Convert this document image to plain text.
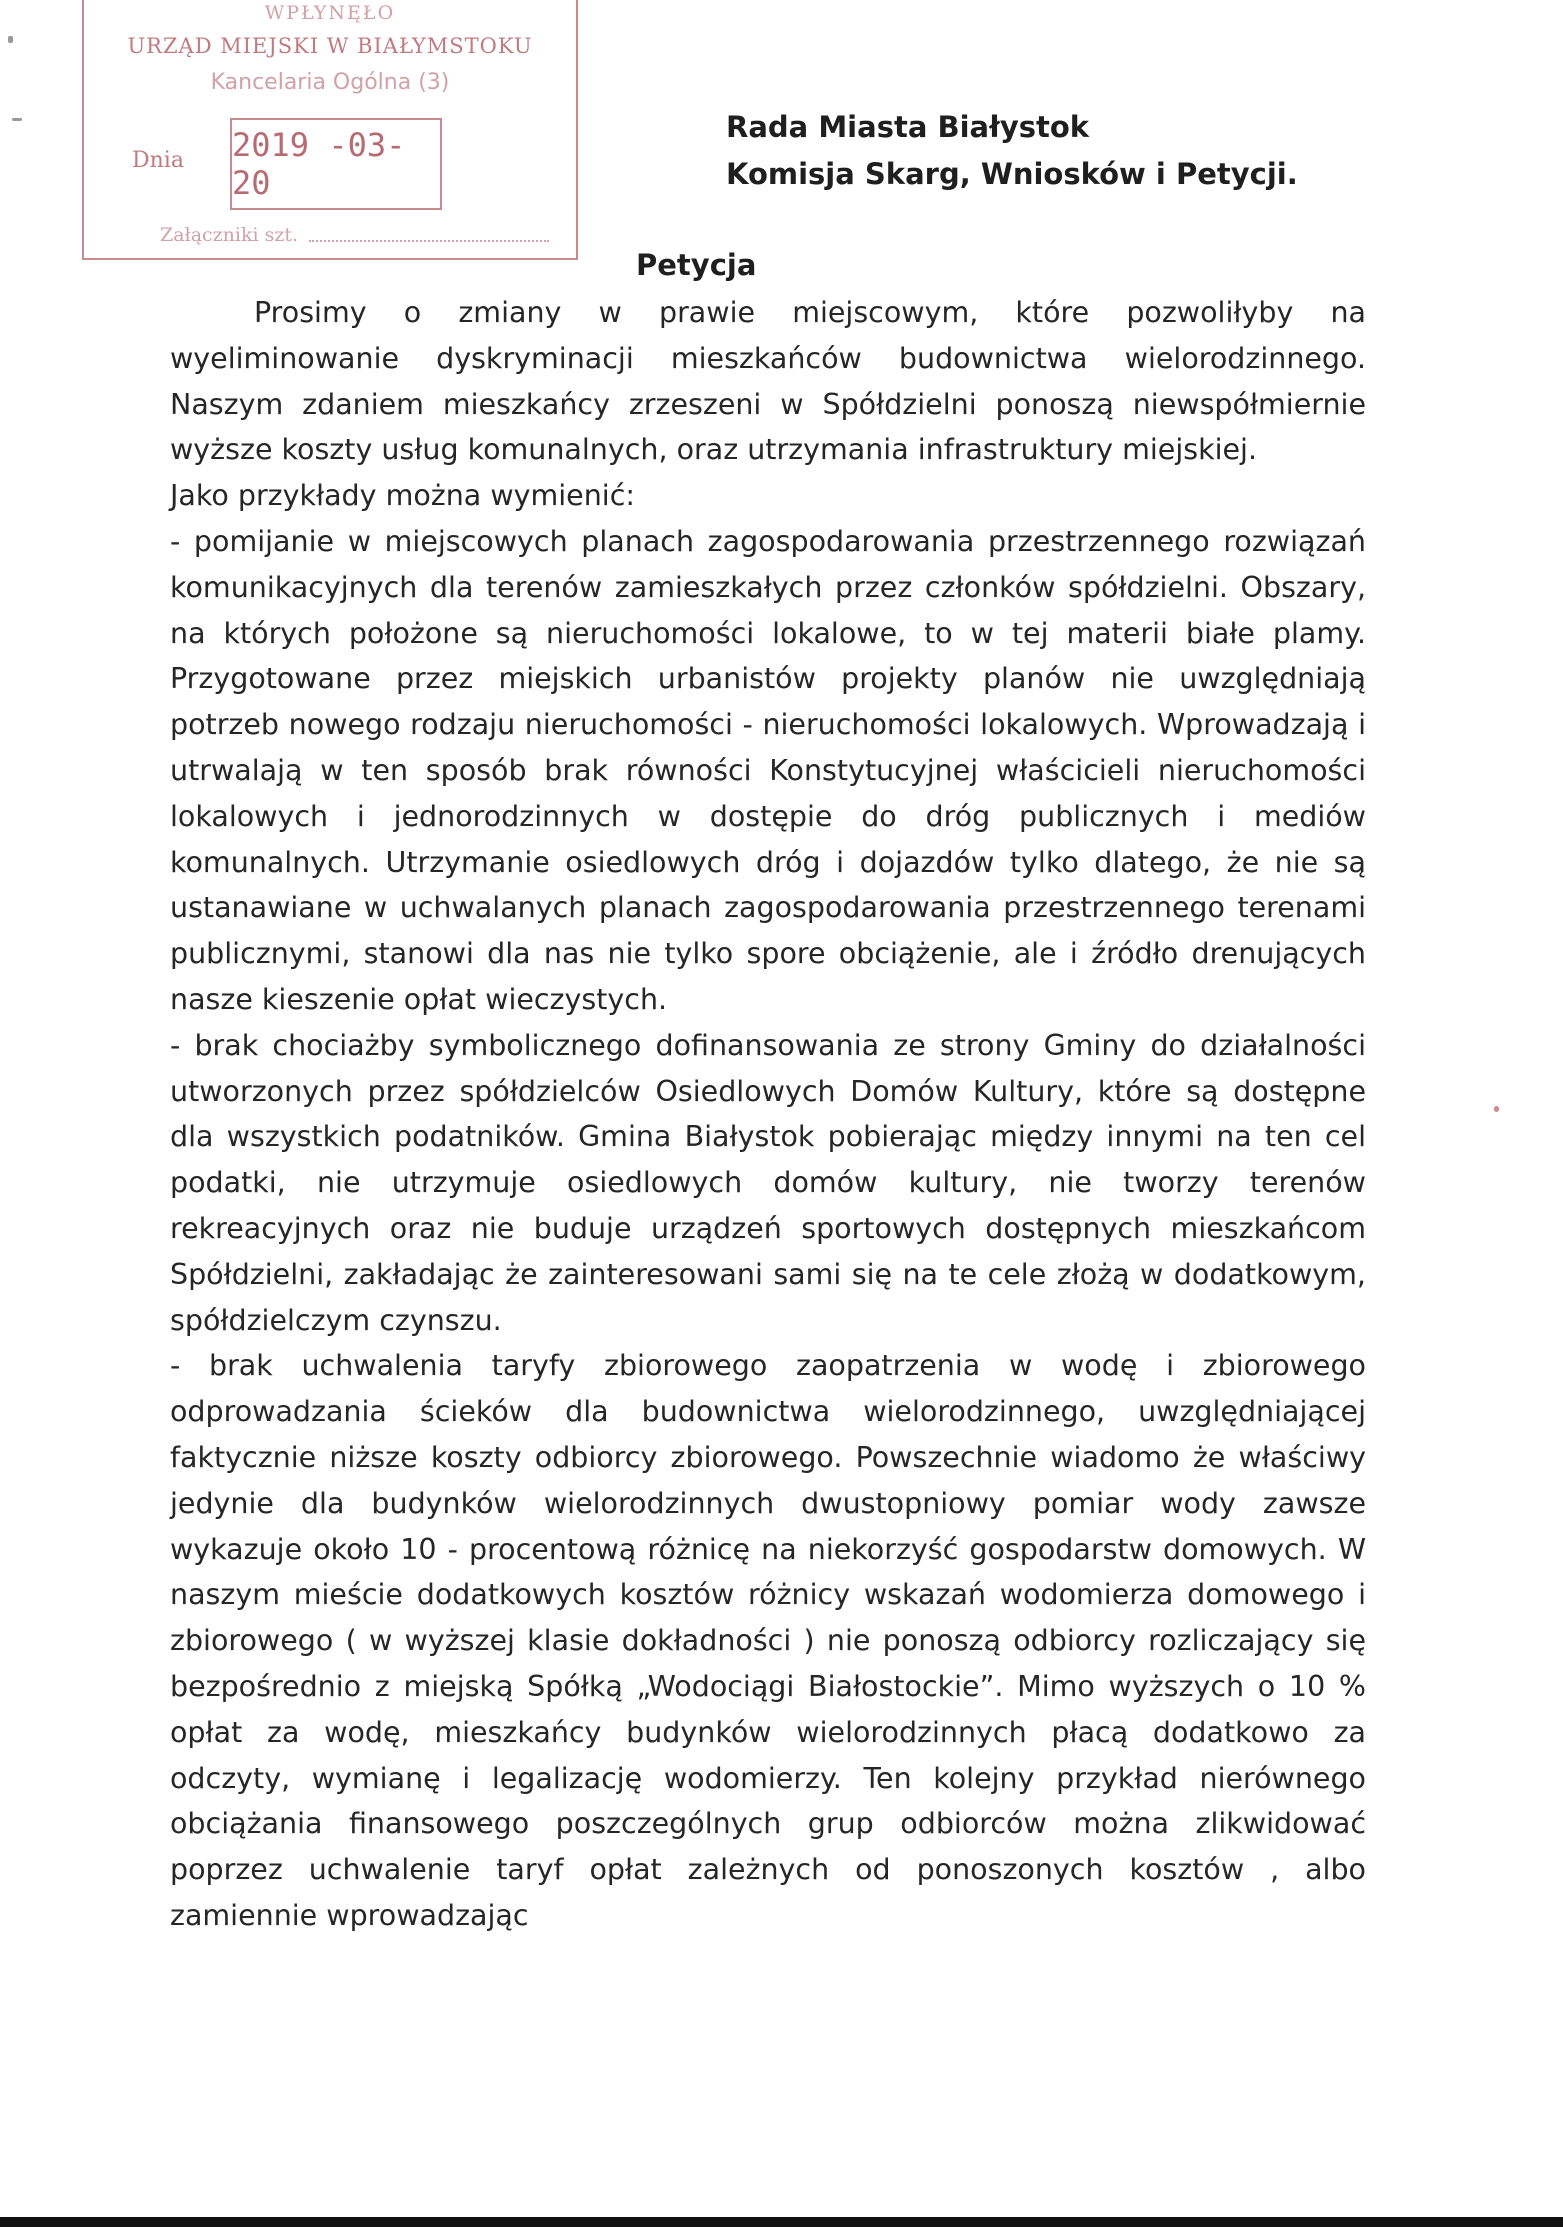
WPŁYNĘŁO
URZĄD MIEJSKI W BIAŁYMSTOKU
Kancelaria Ogólna (3)
Dnia 2019 -03- 20
Załączniki szt.
Rada Miasta Białystok
Komisja Skarg, Wniosków i Petycji.
Petycja

Prosimy o zmiany w prawie miejscowym, które pozwoliłyby na wyeliminowanie dyskryminacji mieszkańców budownictwa wielorodzinnego. Naszym zdaniem mieszkańcy zrzeszeni w Spółdzielni ponoszą niewspółmiernie wyższe koszty usług komunalnych, oraz utrzymania infrastruktury miejskiej.

Jako przykłady można wymienić:

- pomijanie w miejscowych planach zagospodarowania przestrzennego rozwiązań komunikacyjnych dla terenów zamieszkałych przez członków spółdzielni. Obszary, na których położone są nieruchomości lokalowe, to w tej materii białe plamy. Przygotowane przez miejskich urbanistów projekty planów nie uwzględniają potrzeb nowego rodzaju nieruchomości - nieruchomości lokalowych. Wprowadzają i utrwalają w ten sposób brak równości Konstytucyjnej właścicieli nieruchomości lokalowych i jednorodzinnych w dostępie do dróg publicznych i mediów komunalnych. Utrzymanie osiedlowych dróg i dojazdów tylko dlatego, że nie są ustanawiane w uchwalanych planach zagospodarowania przestrzennego terenami publicznymi, stanowi dla nas nie tylko spore obciążenie, ale i źródło drenujących nasze kieszenie opłat wieczystych.

- brak chociażby symbolicznego dofinansowania ze strony Gminy do działalności utworzonych przez spółdzielców Osiedlowych Domów Kultury, które są dostępne dla wszystkich podatników. Gmina Białystok pobierając między innymi na ten cel podatki, nie utrzymuje osiedlowych domów kultury, nie tworzy terenów rekreacyjnych oraz nie buduje urządzeń sportowych dostępnych mieszkańcom Spółdzielni, zakładając że zainteresowani sami się na te cele złożą w dodatkowym, spółdzielczym czynszu.

- brak uchwalenia taryfy zbiorowego zaopatrzenia w wodę i zbiorowego odprowadzania ścieków dla budownictwa wielorodzinnego, uwzględniającej faktycznie niższe koszty odbiorcy zbiorowego. Powszechnie wiadomo że właściwy jedynie dla budynków wielorodzinnych dwustopniowy pomiar wody zawsze wykazuje około 10 - procentową różnicę na niekorzyść gospodarstw domowych. W naszym mieście dodatkowych kosztów różnicy wskazań wodomierza domowego i zbiorowego ( w wyższej klasie dokładności ) nie ponoszą odbiorcy rozliczający się bezpośrednio z miejską Spółką „Wodociągi Białostockie”. Mimo wyższych o 10 % opłat za wodę, mieszkańcy budynków wielorodzinnych płacą dodatkowo za odczyty, wymianę i legalizację wodomierzy. Ten kolejny przykład nierównego obciążania finansowego poszczególnych grup odbiorców można zlikwidować poprzez uchwalenie taryf opłat zależnych od ponoszonych kosztów , albo zamiennie wprowadzając
